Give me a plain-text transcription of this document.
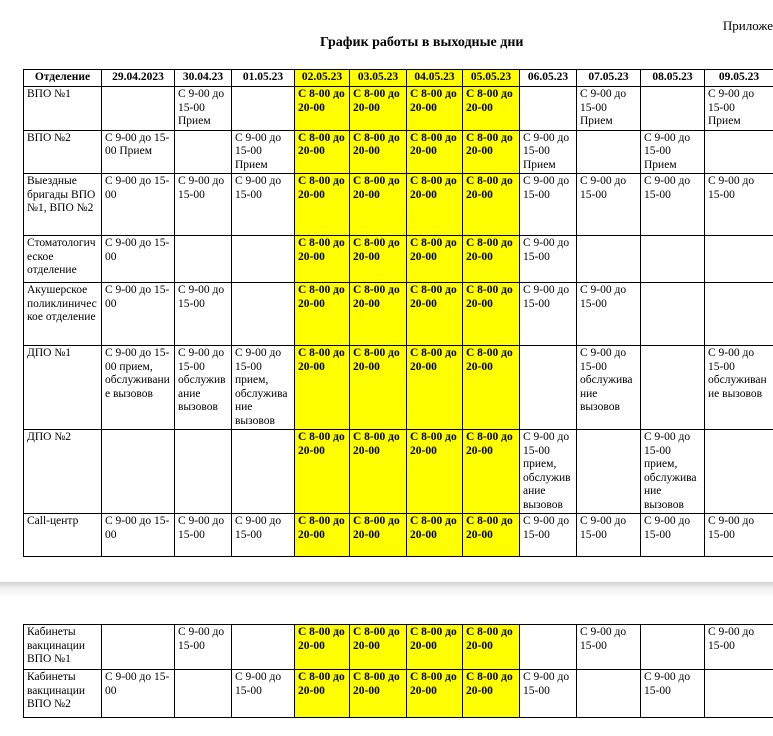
Приложе
График работы в выходные дни
Отделение	29.04.2023	30.04.23	01.05.23	02.05.23	03.05.23	04.05.23	05.05.23	06.05.23	07.05.23	08.05.23	09.05.23
ВПО №1		С 9-00 до 15-00 Прием		С 8-00 до 20-00	С 8-00 до 20-00	С 8-00 до 20-00	С 8-00 до 20-00		С 9-00 до 15-00 Прием		С 9-00 до 15-00 Прием
ВПО №2	С 9-00 до 15-00 Прием		С 9-00 до 15-00 Прием	С 8-00 до 20-00	С 8-00 до 20-00	С 8-00 до 20-00	С 8-00 до 20-00	С 9-00 до 15-00 Прием		С 9-00 до 15-00 Прием	
Выездные бригады ВПО №1, ВПО №2	С 9-00 до 15-00	С 9-00 до 15-00	С 9-00 до 15-00	С 8-00 до 20-00	С 8-00 до 20-00	С 8-00 до 20-00	С 8-00 до 20-00	С 9-00 до 15-00	С 9-00 до 15-00	С 9-00 до 15-00	С 9-00 до 15-00
Стоматологическое отделение	С 9-00 до 15-00			С 8-00 до 20-00	С 8-00 до 20-00	С 8-00 до 20-00	С 8-00 до 20-00	С 9-00 до 15-00			
Акушерское поликлиническое отделение	С 9-00 до 15-00	С 9-00 до 15-00		С 8-00 до 20-00	С 8-00 до 20-00	С 8-00 до 20-00	С 8-00 до 20-00	С 9-00 до 15-00	С 9-00 до 15-00		
ДПО №1	С 9-00 до 15-00 прием, обслуживание вызовов	С 9-00 до 15-00 обслуживание вызовов	С 9-00 до 15-00 прием, обслуживание вызовов	С 8-00 до 20-00	С 8-00 до 20-00	С 8-00 до 20-00	С 8-00 до 20-00		С 9-00 до 15-00 обслуживание вызовов		С 9-00 до 15-00 обслуживание вызовов
ДПО №2				С 8-00 до 20-00	С 8-00 до 20-00	С 8-00 до 20-00	С 8-00 до 20-00	С 9-00 до 15-00 прием, обслуживание вызовов		С 9-00 до 15-00 прием, обслуживание вызовов	
Call-центр	С 9-00 до 15-00	С 9-00 до 15-00	С 9-00 до 15-00	С 8-00 до 20-00	С 8-00 до 20-00	С 8-00 до 20-00	С 8-00 до 20-00	С 9-00 до 15-00	С 9-00 до 15-00	С 9-00 до 15-00	С 9-00 до 15-00
Кабинеты вакцинации ВПО №1		С 9-00 до 15-00		С 8-00 до 20-00	С 8-00 до 20-00	С 8-00 до 20-00	С 8-00 до 20-00		С 9-00 до 15-00		С 9-00 до 15-00
Кабинеты вакцинации ВПО №2	С 9-00 до 15-00		С 9-00 до 15-00	С 8-00 до 20-00	С 8-00 до 20-00	С 8-00 до 20-00	С 8-00 до 20-00	С 9-00 до 15-00		С 9-00 до 15-00	
